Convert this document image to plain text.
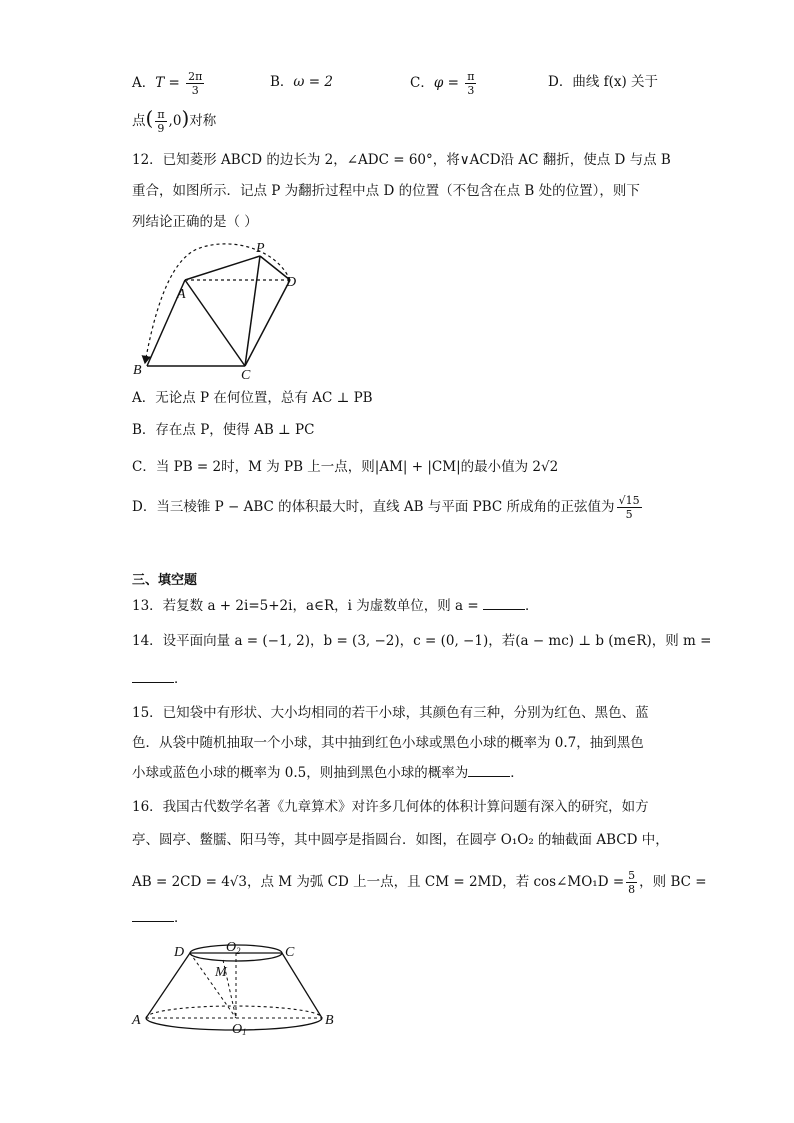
A．$T = \frac{2\pi}{3}$	B．ω = 2	C．$\varphi = \frac{\pi}{3}$	D．曲线 f(x) 关于
点( $\frac{\pi}{9} ,0$)对称
12．已知菱形 ABCD 的边长为 2，∠ADC = 60°，将∨ACD沿 AC 翻折，使点 D 与点 B
重合，如图所示．记点 P 为翻折过程中点 D 的位置（不包含在点 B 处的位置），则下
列结论正确的是（ ）
P
A
D
B	C
A．无论点 P 在何位置，总有 AC ⊥ PB
B．存在点 P，使得 AB ⊥ PC
C．当 PB = 2时，M 为 PB 上一点，则|AM| + |CM|的最小值为 2√2
D．当三棱锥 P − ABC 的体积最大时，直线 AB 与平面 PBC 所成角的正弦值为 $\frac{√15}{5}$
三、填空题
13．若复数 a + 2i=5+2i，a∈R，i 为虚数单位，则 a =	．
14．设平面向量 a = (−1, 2)，b = (3, −2)，c = (0, −1)，若(a − mc) ⊥ b (m∈R)，则 m =
．
15．已知袋中有形状、大小均相同的若干小球，其颜色有三种，分别为红色、黑色、蓝
色．从袋中随机抽取一个小球，其中抽到红色小球或黑色小球的概率为 0.7，抽到黑色
小球或蓝色小球的概率为 0.5，则抽到黑色小球的概率为	．
16．我国古代数学名著《九章算术》对许多几何体的体积计算问题有深入的研究，如方
亭、圆亭、鳖臑、阳马等，其中圆亭是指圆台．如图，在圆亭 O₁O₂ 的轴截面 ABCD 中，
AB = 2CD = 4√3，点 M 为弧 CD 上一点，且 CM = 2MD，若 cos∠MO₁D = $\frac{5}{8}$ ，则 BC =
．
D	O 2	C
M
A
O 1
B
